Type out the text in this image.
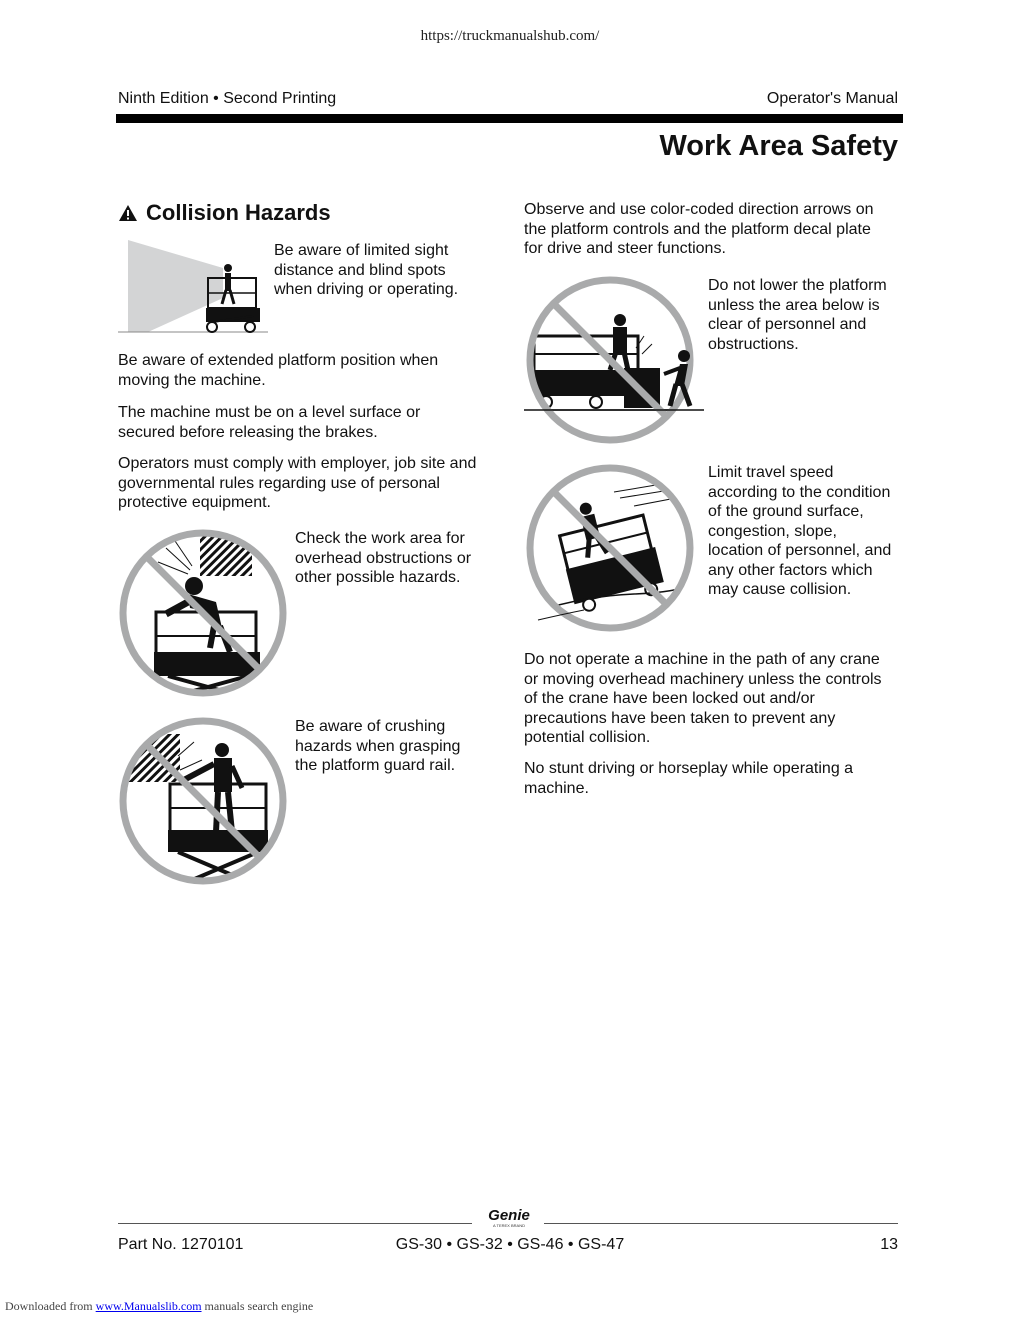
https://truckmanualshub.com/
Ninth Edition • Second Printing	Operator's Manual
Work Area Safety
Collision Hazards
Be aware of limited sight
distance and blind spots
when driving or operating.
Be aware of extended platform position when
moving the machine.
The machine must be on a level surface or
secured before releasing the brakes.
Operators must comply with employer, job site and
governmental rules regarding use of personal
protective equipment.
Check the work area for
overhead obstructions or
other possible hazards.
Be aware of crushing
hazards when grasping
the platform guard rail.
Observe and use color-coded direction arrows on
the platform controls and the platform decal plate
for drive and steer functions.
Do not lower the platform
unless the area below is
clear of personnel and
obstructions.
Limit travel speed
according to the condition
of the ground surface,
congestion, slope,
location of personnel, and
any other factors which
may cause collision.
Do not operate a machine in the path of any crane
or moving overhead machinery unless the controls
of the crane have been locked out and/or
precautions have been taken to prevent any
potential collision.
No stunt driving or horseplay while operating a
machine.
Genie
A TEREX BRAND
Part No. 1270101	GS-30 • GS-32 • GS-46 • GS-47	13
Downloaded from www.Manualslib.com manuals search engine
